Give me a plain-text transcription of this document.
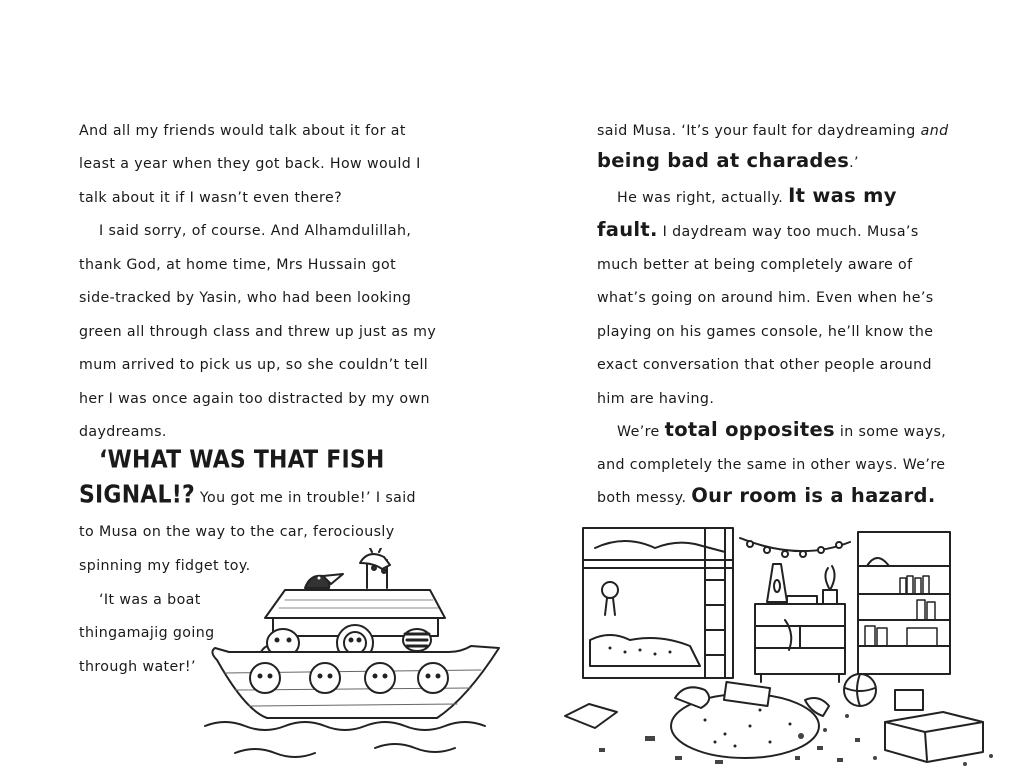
And all my friends would talk about it for at
least a year when they got back. How would I
talk about it if I wasn’t even there?
I said sorry, of course. And Alhamdulillah,
thank God, at home time, Mrs Hussain got
side-tracked by Yasin, who had been looking
green all through class and threw up just as my
mum arrived to pick us up, so she couldn’t tell
her I was once again too distracted by my own
daydreams.
‘WHAT WAS THAT FISH
SIGNAL!? You got me in trouble!’ I said
to Musa on the way to the car, ferociously
spinning my fidget toy.
‘It was a boat
thingamajig going
through water!’
said Musa. ‘It’s your fault for daydreaming and
being bad at charades.’
He was right, actually. It was my
fault. I daydream way too much. Musa’s
much better at being completely aware of
what’s going on around him. Even when he’s
playing on his games console, he’ll know the
exact conversation that other people around
him are having.
We’re total opposites in some ways,
and completely the same in other ways. We’re
both messy. Our room is a hazard.
